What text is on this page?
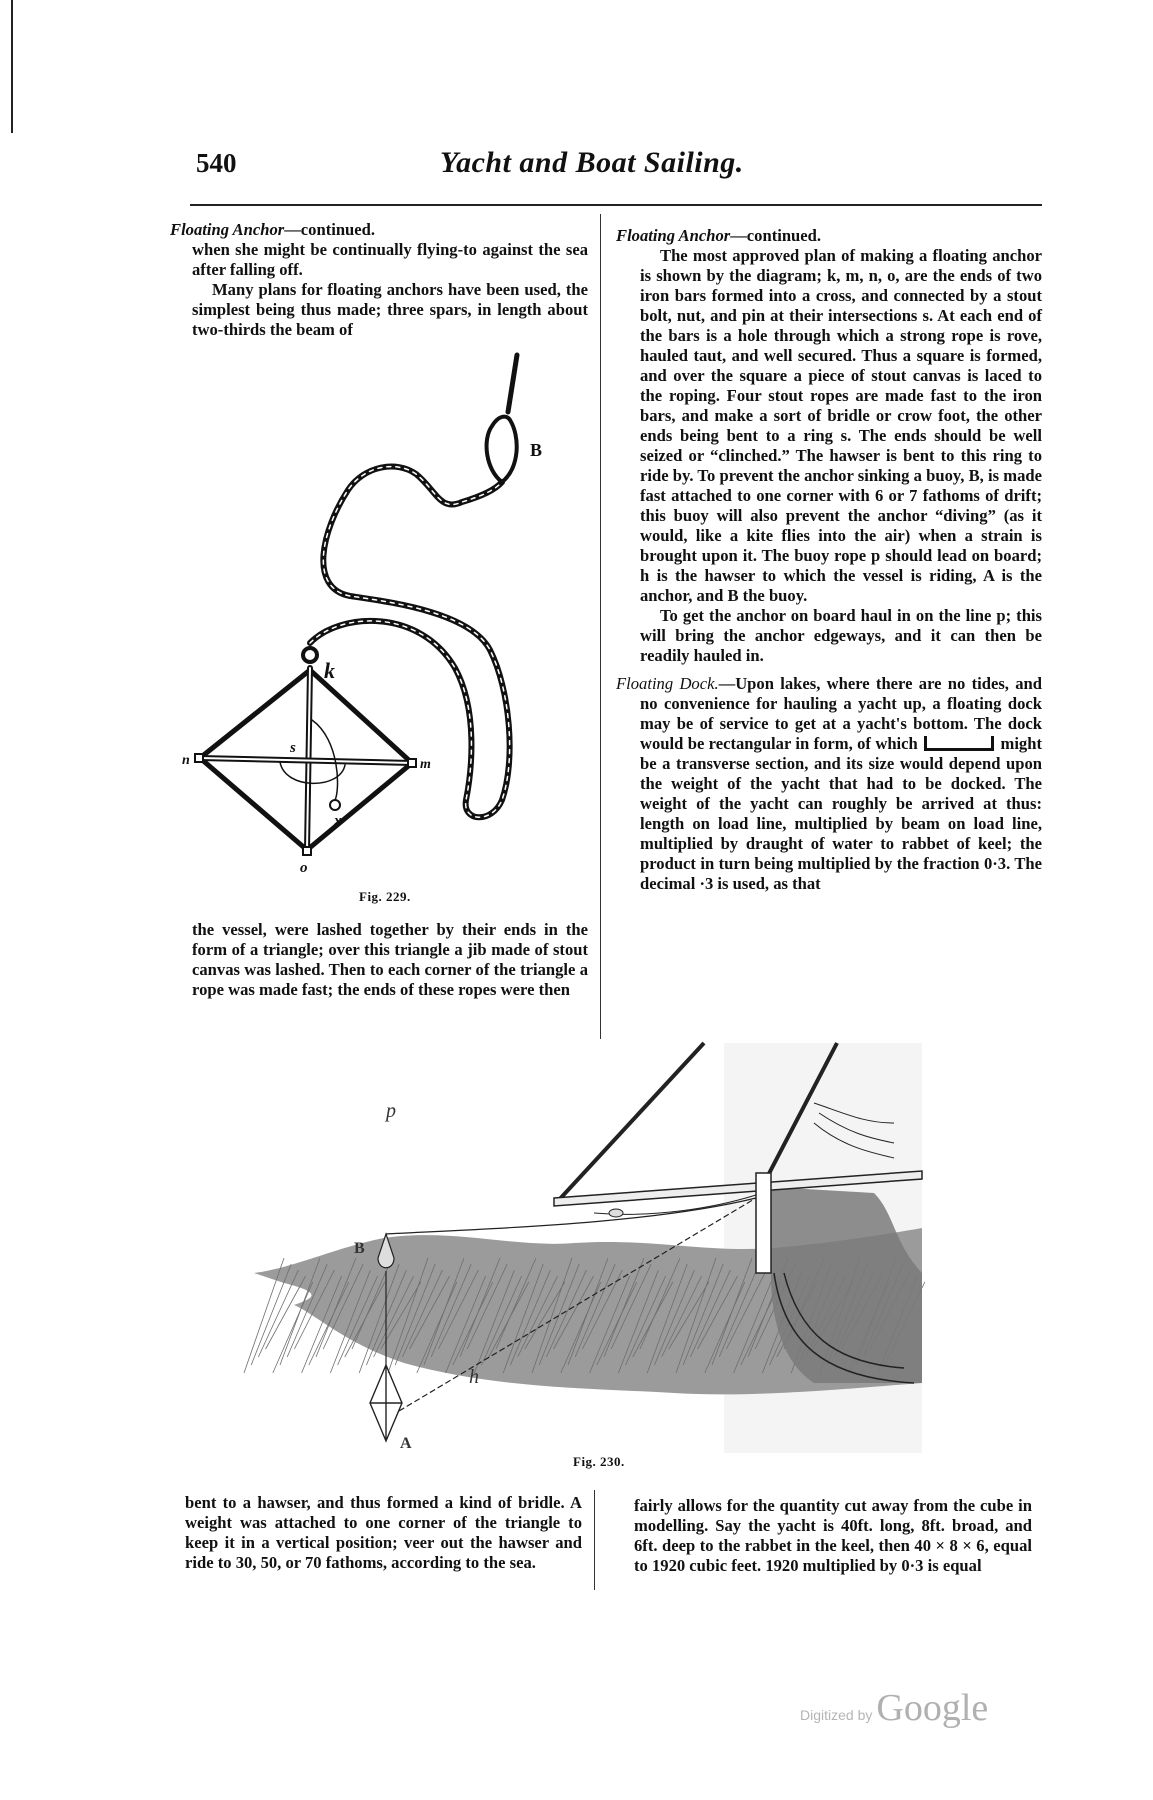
540	Yacht and Boat Sailing.
Floating Anchor—continued.

when she might be continually flying-to against the sea after falling off.

Many plans for floating anchors have been used, the simplest being thus made; three spars, in length about two-thirds the beam of

B
k
n	m
s
x
o
Fig. 229.

the vessel, were lashed together by their ends in the form of a triangle; over this triangle a jib made of stout canvas was lashed. Then to each corner of the triangle a rope was made fast; the ends of these ropes were then

Floating Anchor—continued.

The most approved plan of making a floating anchor is shown by the diagram; k, m, n, o, are the ends of two iron bars formed into a cross, and connected by a stout bolt, nut, and pin at their intersections s. At each end of the bars is a hole through which a strong rope is rove, hauled taut, and well secured. Thus a square is formed, and over the square a piece of stout canvas is laced to the roping. Four stout ropes are made fast to the iron bars, and make a sort of bridle or crow foot, the other ends being bent to a ring s. The ends should be well seized or “clinched.” The hawser is bent to this ring to ride by. To prevent the anchor sinking a buoy, B, is made fast attached to one corner with 6 or 7 fathoms of drift; this buoy will also prevent the anchor “diving” (as it would, like a kite flies into the air) when a strain is brought upon it. The buoy rope p should lead on board; h is the hawser to which the vessel is riding, A is the anchor, and B the buoy.

To get the anchor on board haul in on the line p; this will bring the anchor edgeways, and it can then be readily hauled in.

Floating Dock.—Upon lakes, where there are no tides, and no convenience for hauling a yacht up, a floating dock may be of service to get at a yacht's bottom. The dock would be rectangular in form, of which	might be a transverse section, and its size would depend upon the weight of the yacht that had to be docked. The weight of the yacht can roughly be arrived at thus: length on load line, multiplied by beam on load line, multiplied by draught of water to rabbet of keel; the product in turn being multiplied by the fraction 0·3. The decimal ·3 is used, as that
p
B
h
A
Fig. 230.

bent to a hawser, and thus formed a kind of bridle. A weight was attached to one corner of the triangle to keep it in a vertical position; veer out the hawser and ride to 30, 50, or 70 fathoms, according to the sea.

fairly allows for the quantity cut away from the cube in modelling. Say the yacht is 40ft. long, 8ft. broad, and 6ft. deep to the rabbet in the keel, then 40 × 8 × 6, equal to 1920 cubic feet. 1920 multiplied by 0·3 is equal

Digitized by Google
